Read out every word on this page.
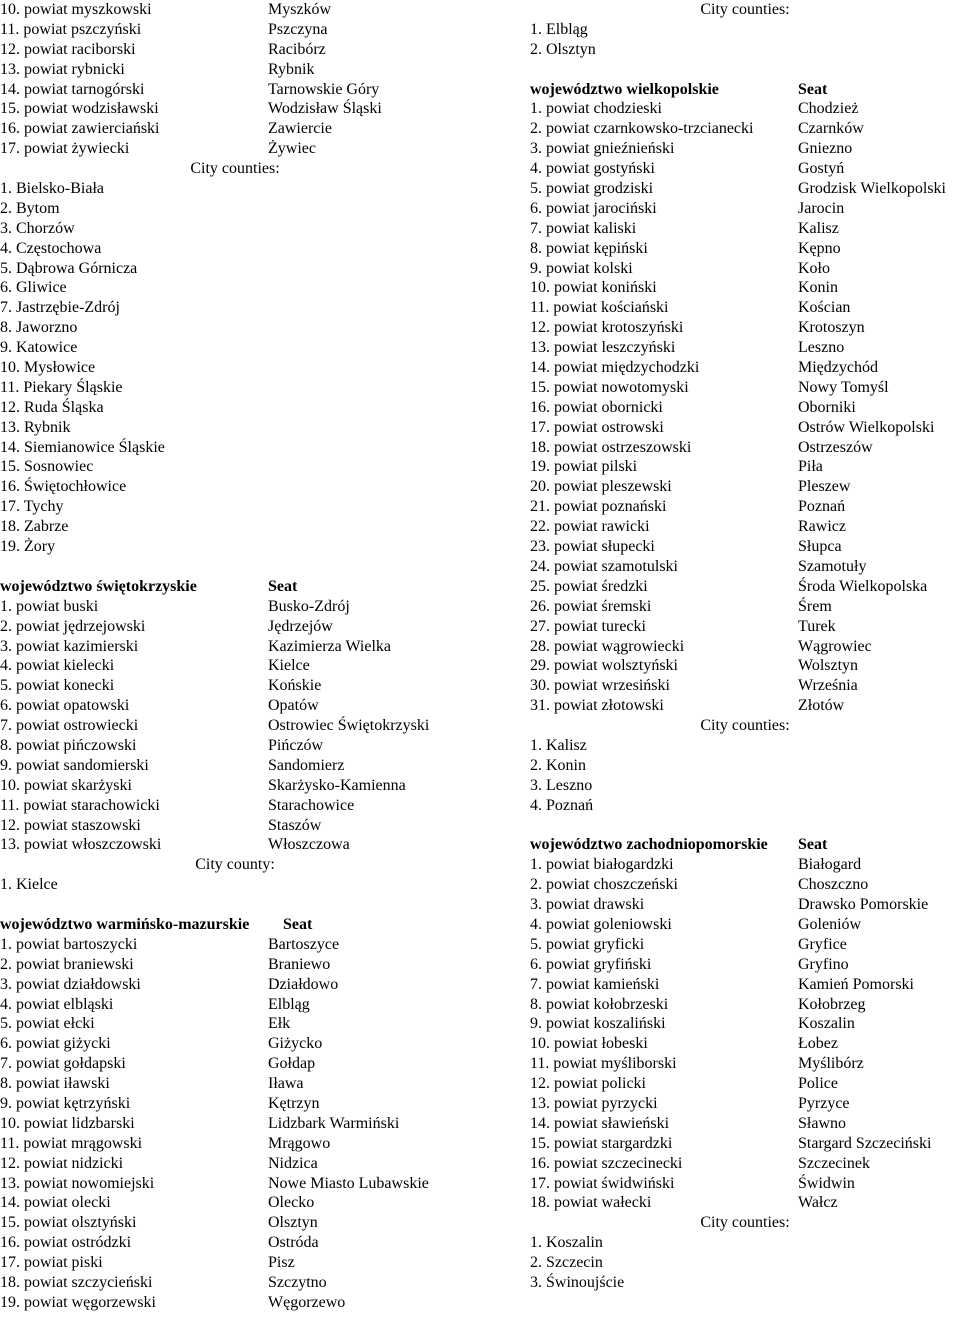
10. powiat myszkowski	Myszków
11. powiat pszczyński	Pszczyna
12. powiat raciborski	Racibórz
13. powiat rybnicki	Rybnik
14. powiat tarnogórski	Tarnowskie Góry
15. powiat wodzisławski	Wodzisław Śląski
16. powiat zawierciański	Zawiercie
17. powiat żywiecki	Żywiec
City counties:
1. Bielsko-Biała
2. Bytom
3. Chorzów
4. Częstochowa
5. Dąbrowa Górnicza
6. Gliwice
7. Jastrzębie-Zdrój
8. Jaworzno
9. Katowice
10. Mysłowice
11. Piekary Śląskie
12. Ruda Śląska
13. Rybnik
14. Siemianowice Śląskie
15. Sosnowiec
16. Świętochłowice
17. Tychy
18. Zabrze
19. Żory
województwo świętokrzyskie	Seat
1. powiat buski	Busko-Zdrój
2. powiat jędrzejowski	Jędrzejów
3. powiat kazimierski	Kazimierza Wielka
4. powiat kielecki	Kielce
5. powiat konecki	Końskie
6. powiat opatowski	Opatów
7. powiat ostrowiecki	Ostrowiec Świętokrzyski
8. powiat pińczowski	Pińczów
9. powiat sandomierski	Sandomierz
10. powiat skarżyski	Skarżysko-Kamienna
11. powiat starachowicki	Starachowice
12. powiat staszowski	Staszów
13. powiat włoszczowski	Włoszczowa
City county:
1. Kielce
województwo warmińsko-mazurskie Seat
1. powiat bartoszycki	Bartoszyce
2. powiat braniewski	Braniewo
3. powiat działdowski	Działdowo
4. powiat elbląski	Elbląg
5. powiat ełcki	Ełk
6. powiat giżycki	Giżycko
7. powiat gołdapski	Gołdap
8. powiat iławski	Iława
9. powiat kętrzyński	Kętrzyn
10. powiat lidzbarski	Lidzbark Warmiński
11. powiat mrągowski	Mrągowo
12. powiat nidzicki	Nidzica
13. powiat nowomiejski	Nowe Miasto Lubawskie
14. powiat olecki	Olecko
15. powiat olsztyński	Olsztyn
16. powiat ostródzki	Ostróda
17. powiat piski	Pisz
18. powiat szczycieński	Szczytno
19. powiat węgorzewski	Węgorzewo
City counties:
1. Elbląg
2. Olsztyn
województwo wielkopolskie	Seat
1. powiat chodzieski	Chodzież
2. powiat czarnkowsko-trzcianecki	Czarnków
3. powiat gnieźnieński	Gniezno
4. powiat gostyński	Gostyń
5. powiat grodziski	Grodzisk Wielkopolski
6. powiat jarociński	Jarocin
7. powiat kaliski	Kalisz
8. powiat kępiński	Kępno
9. powiat kolski	Koło
10. powiat koniński	Konin
11. powiat kościański	Kościan
12. powiat krotoszyński	Krotoszyn
13. powiat leszczyński	Leszno
14. powiat międzychodzki	Międzychód
15. powiat nowotomyski	Nowy Tomyśl
16. powiat obornicki	Oborniki
17. powiat ostrowski	Ostrów Wielkopolski
18. powiat ostrzeszowski	Ostrzeszów
19. powiat pilski	Piła
20. powiat pleszewski	Pleszew
21. powiat poznański	Poznań
22. powiat rawicki	Rawicz
23. powiat słupecki	Słupca
24. powiat szamotulski	Szamotuły
25. powiat średzki	Środa Wielkopolska
26. powiat śremski	Śrem
27. powiat turecki	Turek
28. powiat wągrowiecki	Wągrowiec
29. powiat wolsztyński	Wolsztyn
30. powiat wrzesiński	Września
31. powiat złotowski	Złotów
City counties:
1. Kalisz
2. Konin
3. Leszno
4. Poznań
województwo zachodniopomorskie Seat
1. powiat białogardzki	Białogard
2. powiat choszczeński	Choszczno
3. powiat drawski	Drawsko Pomorskie
4. powiat goleniowski	Goleniów
5. powiat gryficki	Gryfice
6. powiat gryfiński	Gryfino
7. powiat kamieński	Kamień Pomorski
8. powiat kołobrzeski	Kołobrzeg
9. powiat koszaliński	Koszalin
10. powiat łobeski	Łobez
11. powiat myśliborski	Myślibórz
12. powiat policki	Police
13. powiat pyrzycki	Pyrzyce
14. powiat sławieński	Sławno
15. powiat stargardzki	Stargard Szczeciński
16. powiat szczecinecki	Szczecinek
17. powiat świdwiński	Świdwin
18. powiat wałecki	Wałcz
City counties:
1. Koszalin
2. Szczecin
3. Świnoujście
